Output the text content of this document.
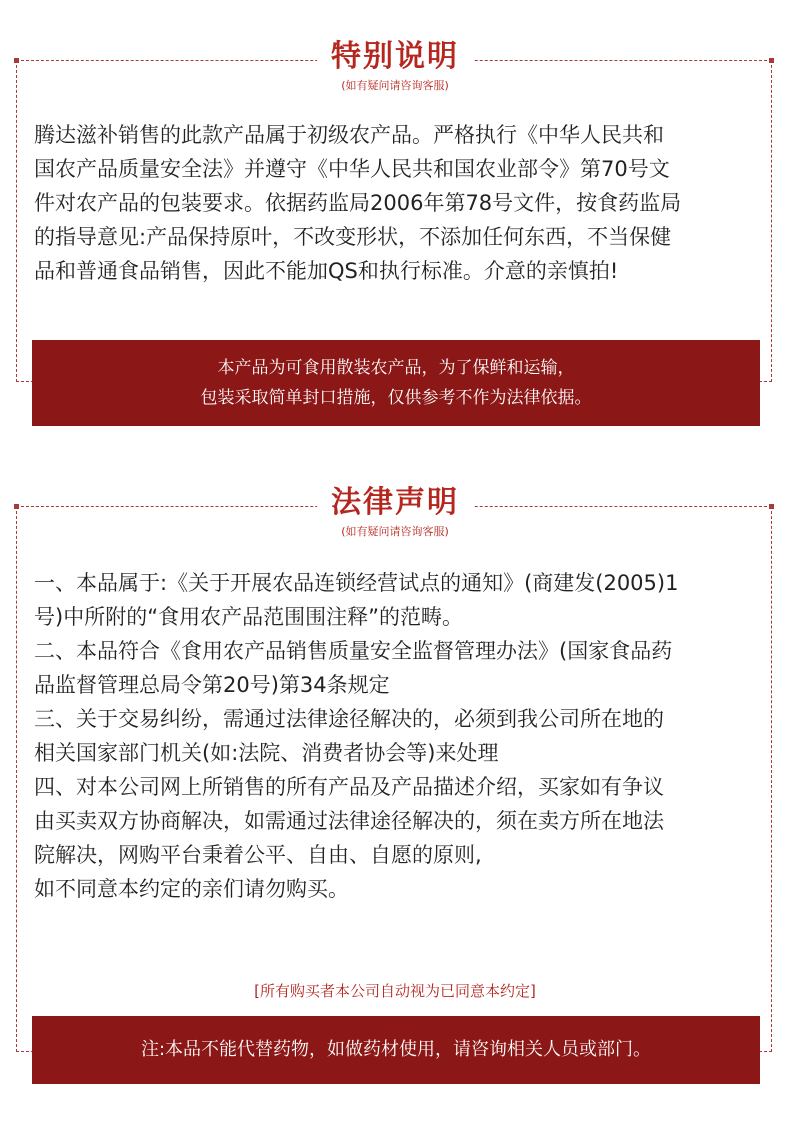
特别说明
(如有疑问请咨询客服)
腾达滋补销售的此款产品属于初级农产品。严格执行《中华人民共和
国农产品质量安全法》并遵守《中华人民共和国农业部令》第70号文
件对农产品的包装要求。依据药监局2006年第78号文件，按食药监局
的指导意见:产品保持原叶，不改变形状，不添加任何东西，不当保健
品和普通食品销售，因此不能加QS和执行标准。介意的亲慎拍!
本产品为可食用散装农产品，为了保鲜和运输，
包装采取简单封口措施，仅供参考不作为法律依据。
法律声明
(如有疑问请咨询客服)
一、本品属于:《关于开展农品连锁经营试点的通知》(商建发(2005)1
号)中所附的“食用农产品范围围注释”的范畴。
二、本品符合《食用农产品销售质量安全监督管理办法》(国家食品药
品监督管理总局令第20号)第34条规定
三、关于交易纠纷，需通过法律途径解决的，必须到我公司所在地的
相关国家部门机关(如:法院、消费者协会等)来处理
四、对本公司网上所销售的所有产品及产品描述介绍，买家如有争议
由买卖双方协商解决，如需通过法律途径解决的，须在卖方所在地法
院解决，网购平台秉着公平、自由、自愿的原则,
如不同意本约定的亲们请勿购买。
[所有购买者本公司自动视为已同意本约定]
注:本品不能代替药物，如做药材使用，请咨询相关人员或部门。
